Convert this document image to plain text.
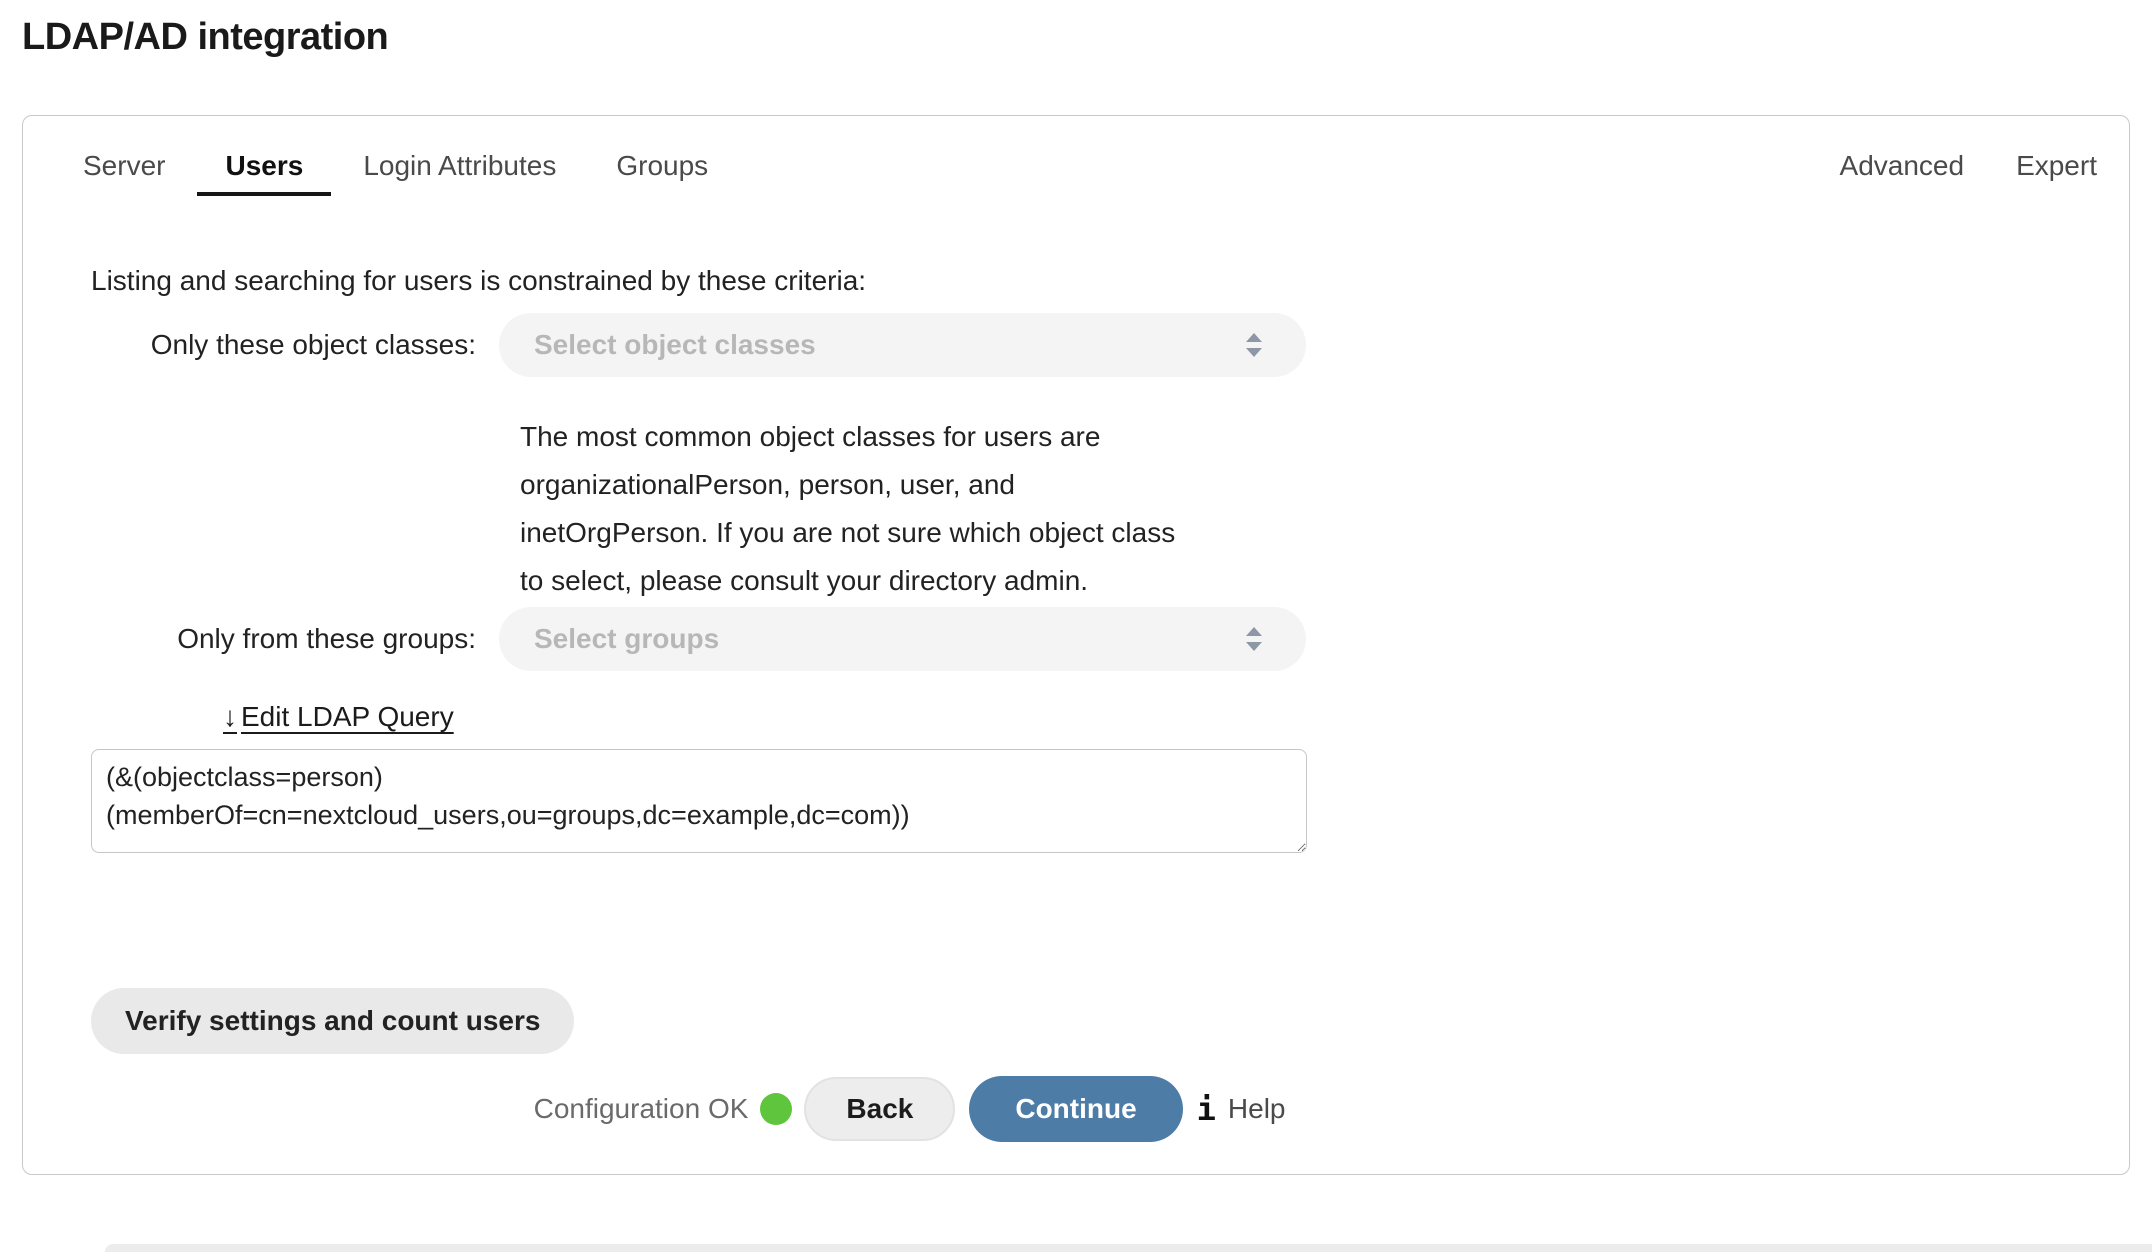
LDAP/AD integration
Server	Users	Login Attributes	Groups	Advanced	Expert

Listing and searching for users is constrained by these criteria:

Only these object classes: Select object classes

The most common object classes for users are organizationalPerson, person, user, and inetOrgPerson. If you are not sure which object class to select, please consult your directory admin.

Only from these groups: Select groups
↓ Edit LDAP Query
(&(objectclass=person) (memberOf=cn=nextcloud_users,ou=groups,dc=example,dc=com)) Verify settings and count users
Configuration OK	Back	Continue	i Help
